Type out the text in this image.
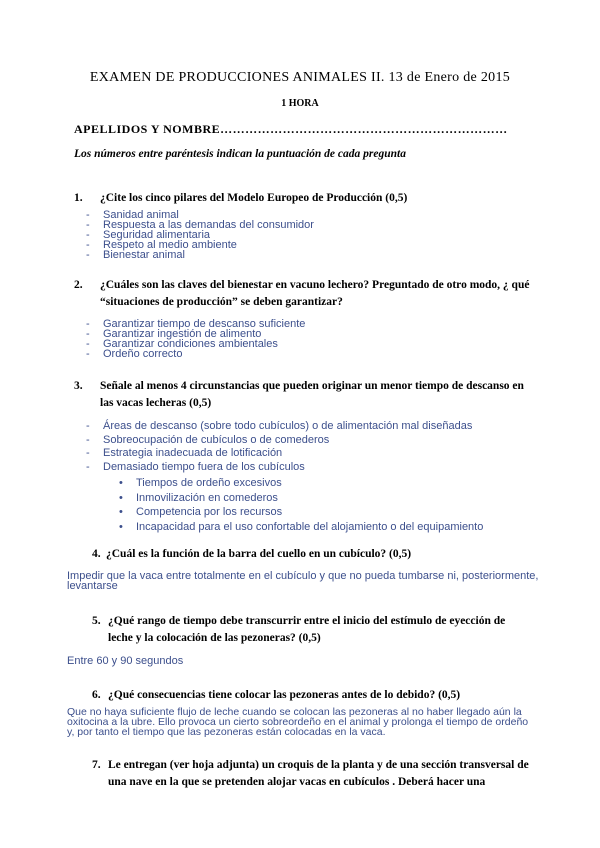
EXAMEN DE PRODUCCIONES ANIMALES II. 13 de Enero de 2015
1 HORA
APELLIDOS Y NOMBRE……………………………………………………………
Los números entre paréntesis indican la puntuación de cada pregunta
1. ¿Cite los cinco pilares del Modelo Europeo de Producción (0,5)
- Sanidad animal
- Respuesta a las demandas del consumidor
- Seguridad alimentaria
- Respeto al medio ambiente
- Bienestar animal
2. ¿Cuáles son las claves del bienestar en vacuno lechero? Preguntado de otro modo, ¿ qué
“situaciones de producción” se deben garantizar?
- Garantizar tiempo de descanso suficiente
- Garantizar ingestión de alimento
- Garantizar condiciones ambientales
- Ordeño correcto
3. Señale al menos 4 circunstancias que pueden originar un menor tiempo de descanso en
las vacas lecheras (0,5)
- Áreas de descanso (sobre todo cubículos) o de alimentación mal diseñadas
- Sobreocupación de cubículos o de comederos
- Estrategia inadecuada de lotificación
- Demasiado tiempo fuera de los cubículos
• Tiempos de ordeño excesivos
• Inmovilización en comederos
• Competencia por los recursos
• Incapacidad para el uso confortable del alojamiento o del equipamiento
4. ¿Cuál es la función de la barra del cuello en un cubículo? (0,5)
Impedir que la vaca entre totalmente en el cubículo y que no pueda tumbarse ni, posteriormente,
levantarse
5. ¿Qué rango de tiempo debe transcurrir entre el inicio del estímulo de eyección de
leche y la colocación de las pezoneras? (0,5)
Entre 60 y 90 segundos
6. ¿Qué consecuencias tiene colocar las pezoneras antes de lo debido? (0,5)
Que no haya suficiente flujo de leche cuando se colocan las pezoneras al no haber llegado aún la
oxitocina a la ubre. Ello provoca un cierto sobreordeño en el animal y prolonga el tiempo de ordeño
y, por tanto el tiempo que las pezoneras están colocadas en la vaca.
7. Le entregan (ver hoja adjunta) un croquis de la planta y de una sección transversal de
una nave en la que se pretenden alojar vacas en cubículos . Deberá hacer una
